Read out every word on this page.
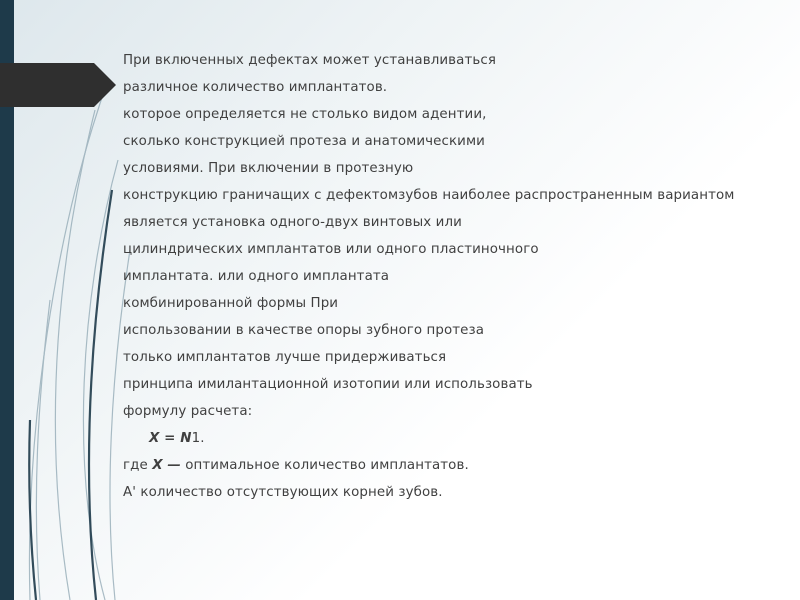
При включенных дефектах может устанавливаться

различное количество имплантатов.

которое определяется не столько видом адентии,

сколько конструкцией протеза и анатомическими

условиями. При включении в протезную

конструкцию граничащих с дефектомзубов наиболее распространенным вариантом

является установка одного-двух винтовых или

цилиндрических имплантатов или одного пластиночного

имплантата. или одного имплантата

комбинированной формы При

использовании в качестве опоры зубного протеза

только имплантатов лучше придерживаться

принципа имилантационной изотопии или использовать

формулу расчета:

X = N 1.

где X — оптимальное количество имплантатов.

А' количество отсутствующих корней зубов.
